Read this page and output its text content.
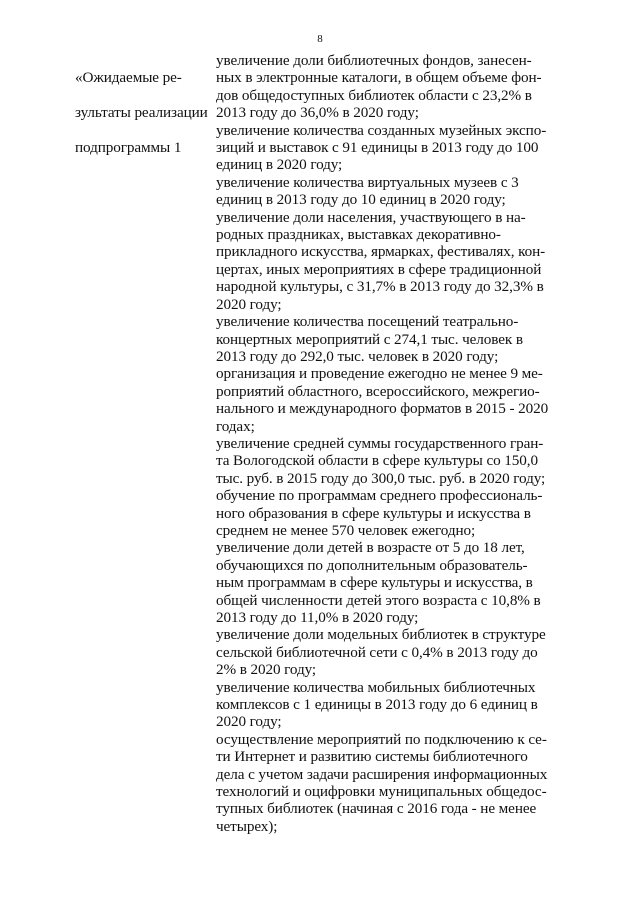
8

«Ожидаемые ре-

зультаты реализации

подпрограммы 1

увеличение доли библиотечных фондов, занесен-
ных в электронные каталоги, в общем объеме фон-
дов общедоступных библиотек области с 23,2% в
2013 году до 36,0% в 2020 году;
увеличение количества созданных музейных экспо-
зиций и выставок с 91 единицы в 2013 году до 100
единиц в 2020 году;
увеличение количества виртуальных музеев с 3
единиц в 2013 году до 10 единиц в 2020 году;
увеличение доли населения, участвующего в на-
родных праздниках, выставках декоративно-
прикладного искусства, ярмарках, фестивалях, кон-
цертах, иных мероприятиях в сфере традиционной
народной культуры, с 31,7% в 2013 году до 32,3% в
2020 году;
увеличение количества посещений театрально-
концертных мероприятий с 274,1 тыс. человек в
2013 году до 292,0 тыс. человек в 2020 году;
организация и проведение ежегодно не менее 9 ме-
роприятий областного, всероссийского, межрегио-
нального и международного форматов в 2015 - 2020
годах;
увеличение средней суммы государственного гран-
та Вологодской области в сфере культуры со 150,0
тыс. руб. в 2015 году до 300,0 тыс. руб. в 2020 году;
обучение по программам среднего профессиональ-
ного образования в сфере культуры и искусства в
среднем не менее 570 человек ежегодно;
увеличение доли детей в возрасте от 5 до 18 лет,
обучающихся по дополнительным образователь-
ным программам в сфере культуры и искусства, в
общей численности детей этого возраста с 10,8% в
2013 году до 11,0% в 2020 году;
увеличение доли модельных библиотек в структуре
сельской библиотечной сети с 0,4% в 2013 году до
2% в 2020 году;
увеличение количества мобильных библиотечных
комплексов с 1 единицы в 2013 году до 6 единиц в
2020 году;
осуществление мероприятий по подключению к се-
ти Интернет и развитию системы библиотечного
дела с учетом задачи расширения информационных
технологий и оцифровки муниципальных общедос-
тупных библиотек (начиная с 2016 года - не менее
четырех);
